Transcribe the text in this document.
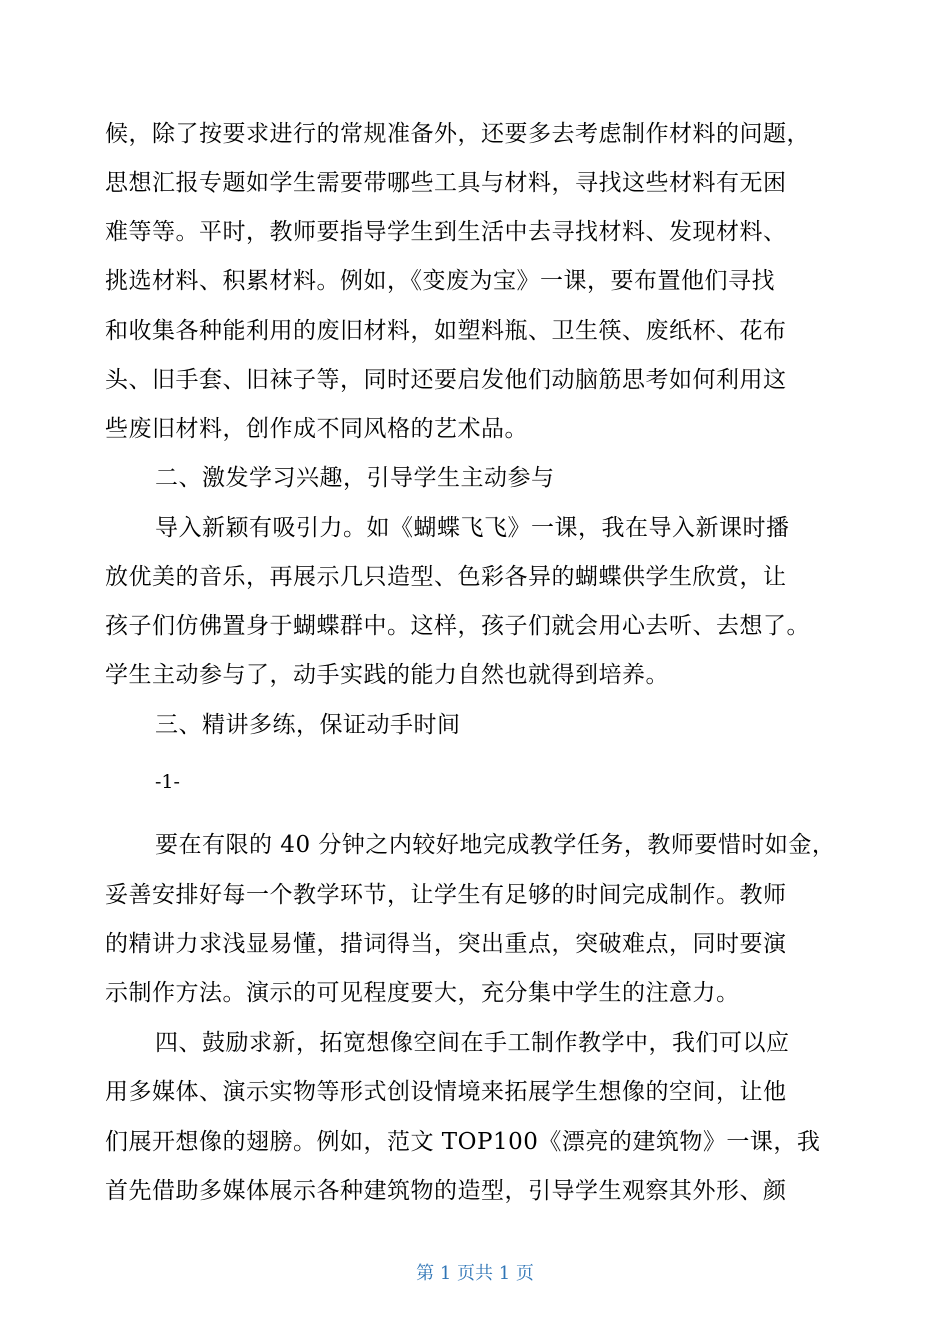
候，除了按要求进行的常规准备外，还要多去考虑制作材料的问题，
思想汇报专题如学生需要带哪些工具与材料，寻找这些材料有无困
难等等。平时，教师要指导学生到生活中去寻找材料、发现材料、
挑选材料、积累材料。例如，《变废为宝》一课，要布置他们寻找
和收集各种能利用的废旧材料，如塑料瓶、卫生筷、废纸杯、花布
头、旧手套、旧袜子等，同时还要启发他们动脑筋思考如何利用这
些废旧材料，创作成不同风格的艺术品。
二、激发学习兴趣，引导学生主动参与
导入新颖有吸引力。如《蝴蝶飞飞》一课，我在导入新课时播
放优美的音乐，再展示几只造型、色彩各异的蝴蝶供学生欣赏，让
孩子们仿佛置身于蝴蝶群中。这样，孩子们就会用心去听、去想了。
学生主动参与了，动手实践的能力自然也就得到培养。
三、精讲多练，保证动手时间
-1-
要在有限的 40 分钟之内较好地完成教学任务，教师要惜时如金，
妥善安排好每一个教学环节，让学生有足够的时间完成制作。教师
的精讲力求浅显易懂，措词得当，突出重点，突破难点，同时要演
示制作方法。演示的可见程度要大，充分集中学生的注意力。
四、鼓励求新，拓宽想像空间在手工制作教学中，我们可以应
用多媒体、演示实物等形式创设情境来拓展学生想像的空间，让他
们展开想像的翅膀。例如，范文 TOP100《漂亮的建筑物》一课，我
首先借助多媒体展示各种建筑物的造型，引导学生观察其外形、颜
第 1 页共 1 页
